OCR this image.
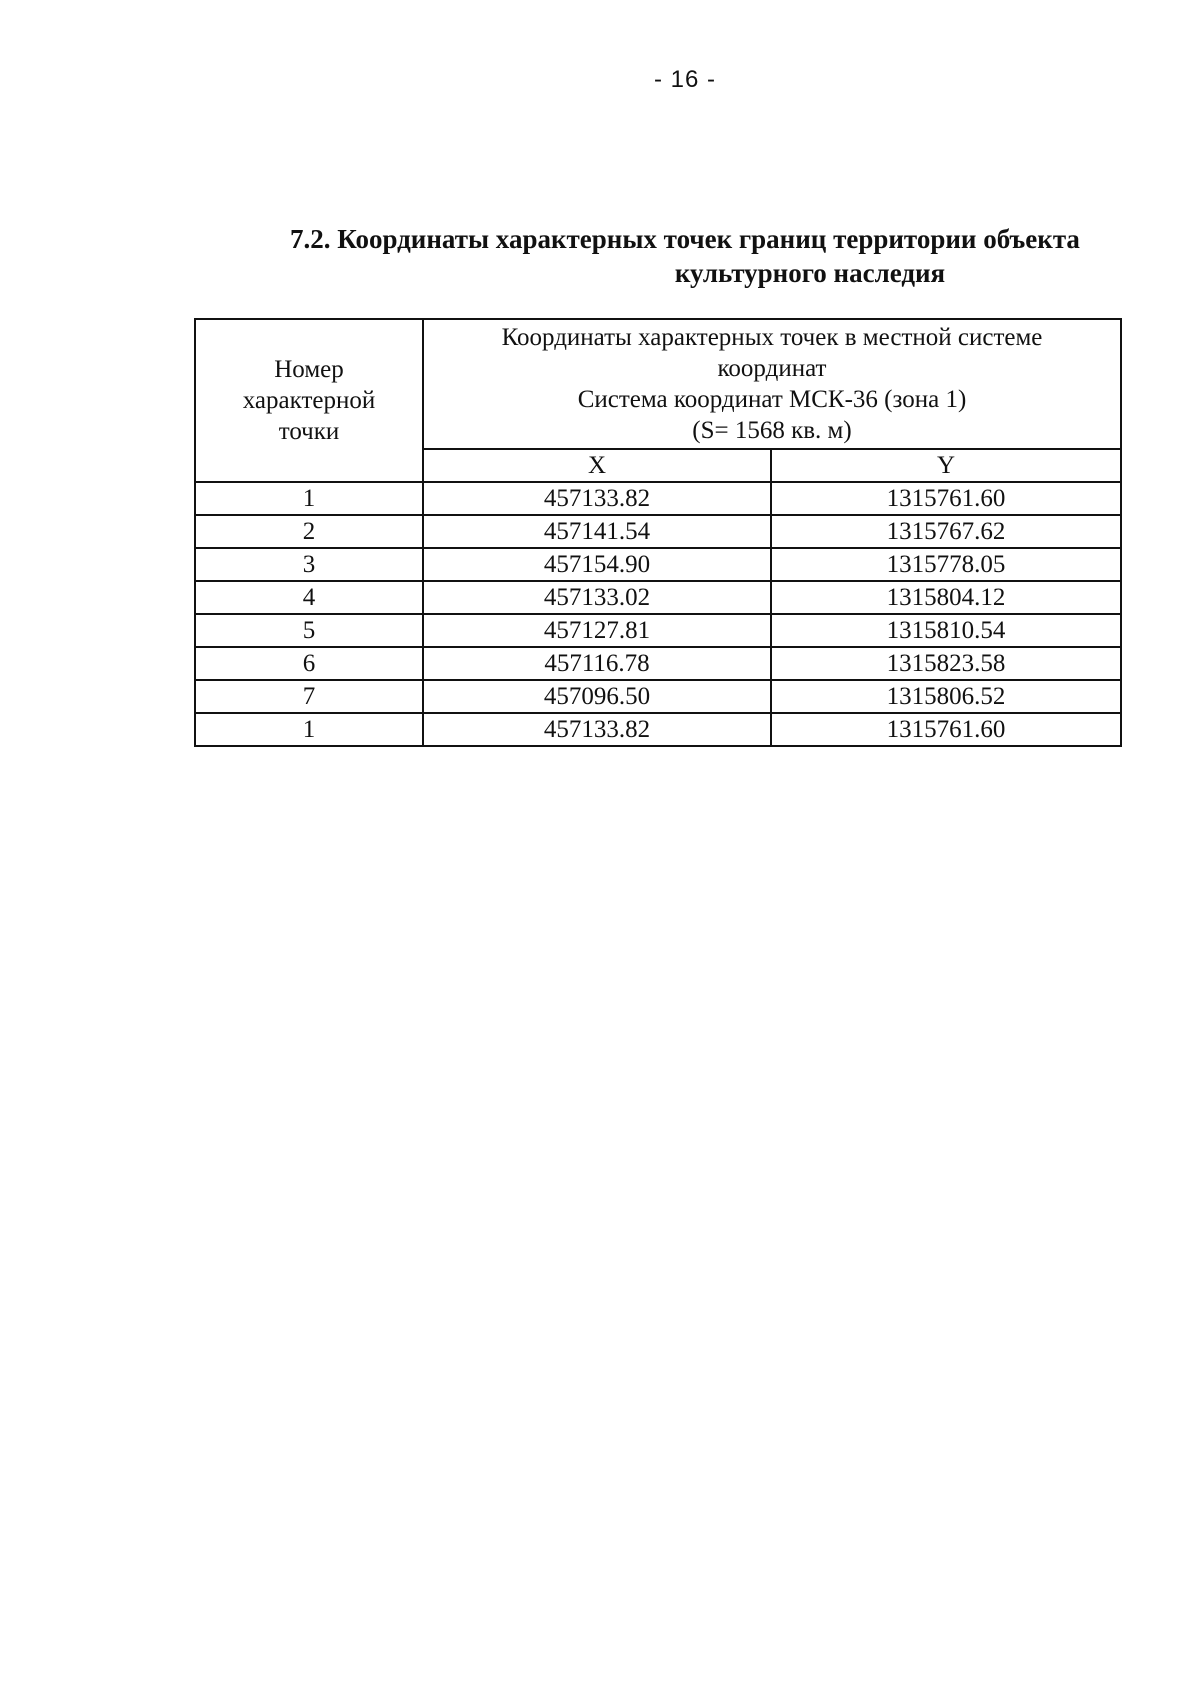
- 16 -
7.2. Координаты характерных точек границ территории объекта
культурного наследия
Номер
характерной
точки	Координаты характерных точек в местной системе
координат
Система координат МСК-36 (зона 1)
(S= 1568 кв. м)	

	X	Y
1	457133.82	1315761.60
2	457141.54	1315767.62
3	457154.90	1315778.05
4	457133.02	1315804.12
5	457127.81	1315810.54
6	457116.78	1315823.58
7	457096.50	1315806.52
1	457133.82	1315761.60
